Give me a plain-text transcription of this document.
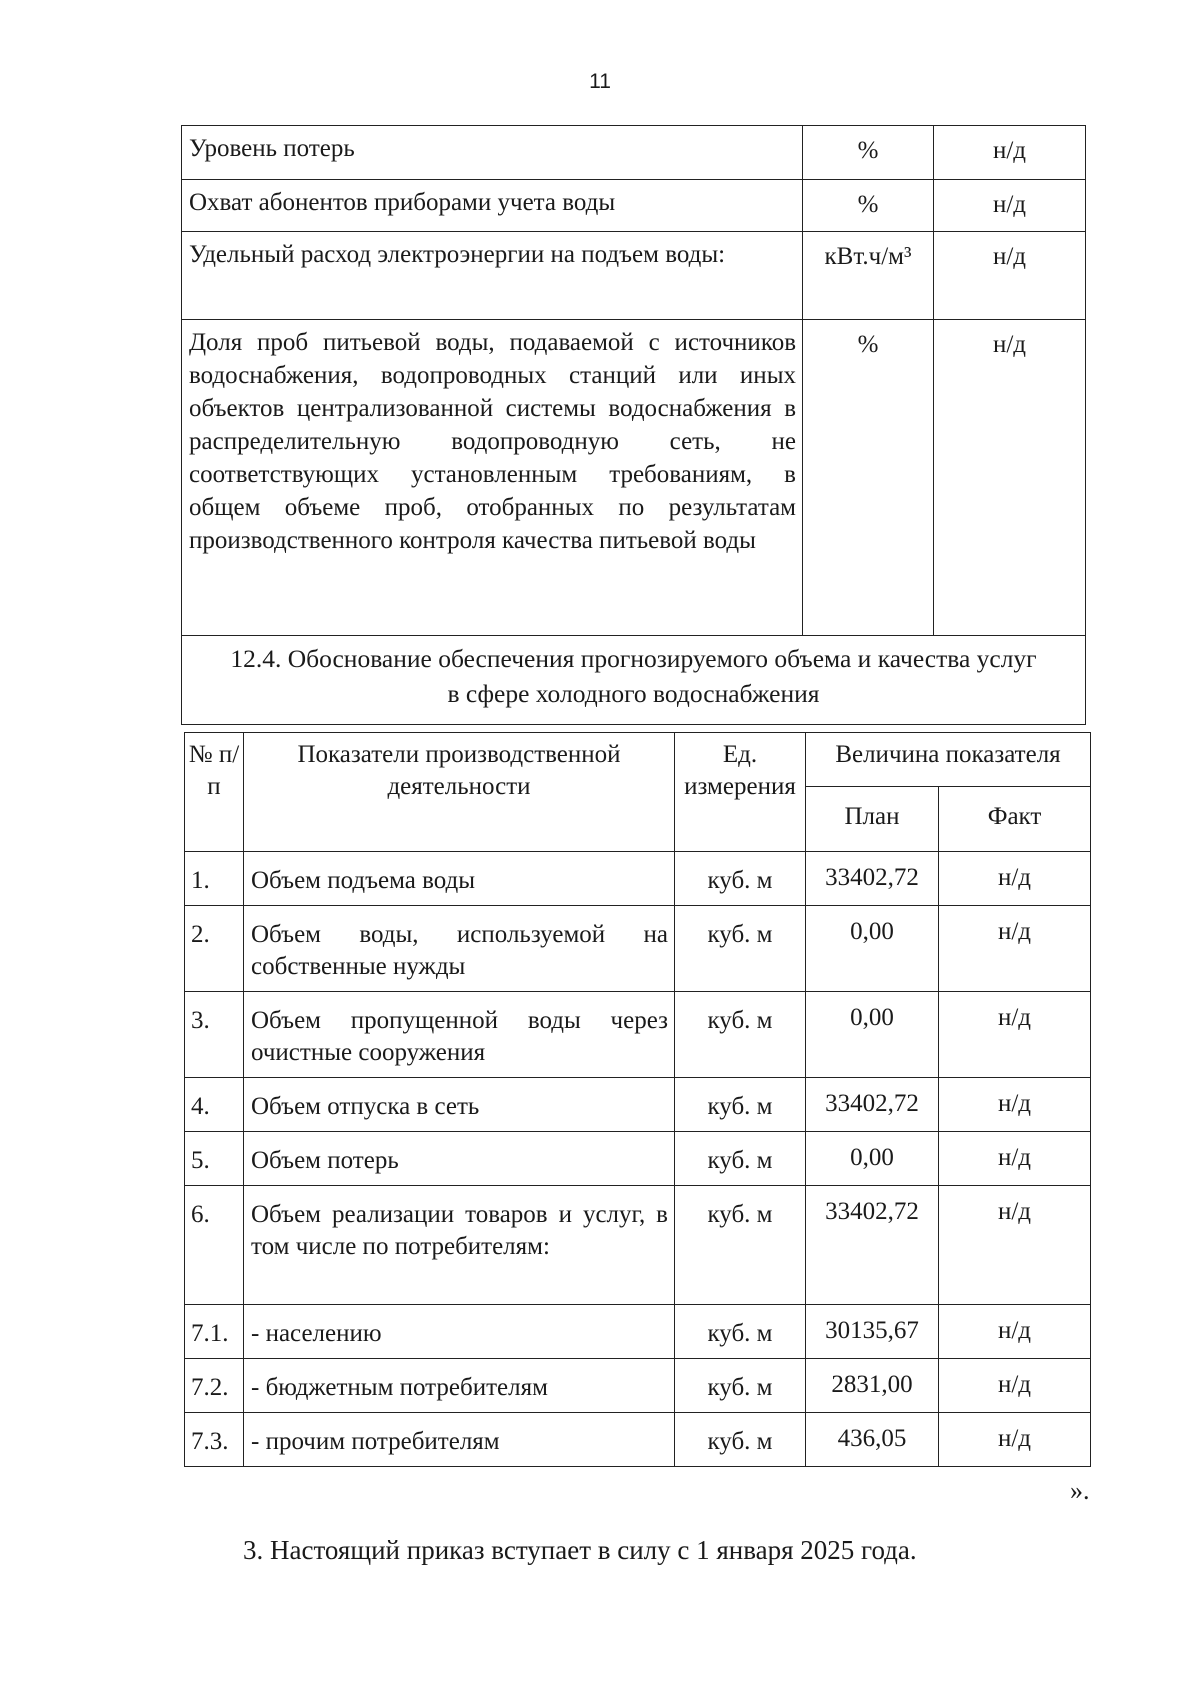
11
Уровень потерь	%	н/д
Охват абонентов приборами учета воды	%	н/д
Удельный расход электроэнергии на подъем воды:	кВт.ч/м³	н/д
Доля проб питьевой воды, подаваемой с источников водоснабжения, водопроводных станций или иных объектов централизованной системы водоснабжения в распределительную водопроводную сеть, не соответствующих установленным требованиям, в общем объеме проб, отобранных по результатам производственного контроля качества питьевой воды	%	н/д
12.4. Обоснование обеспечения прогнозируемого объема и качества услуг в сфере холодного водоснабжения		
№ п/п	Показатели производственной деятельности	Ед. измерения	Величина показателя	
			План	Факт
1.	Объем подъема воды	куб. м	33402,72	н/д
2.	Объем воды, используемой на собственные нужды	куб. м	0,00	н/д
3.	Объем пропущенной воды через очистные сооружения	куб. м	0,00	н/д
4.	Объем отпуска в сеть	куб. м	33402,72	н/д
5.	Объем потерь	куб. м	0,00	н/д
6.	Объем реализации товаров и услуг, в том числе по потребителям:	куб. м	33402,72	н/д
7.1.	- населению	куб. м	30135,67	н/д
7.2.	- бюджетным потребителям	куб. м	2831,00	н/д
7.3.	- прочим потребителям	куб. м	436,05	н/д
».
3. Настоящий приказ вступает в силу с 1 января 2025 года.
